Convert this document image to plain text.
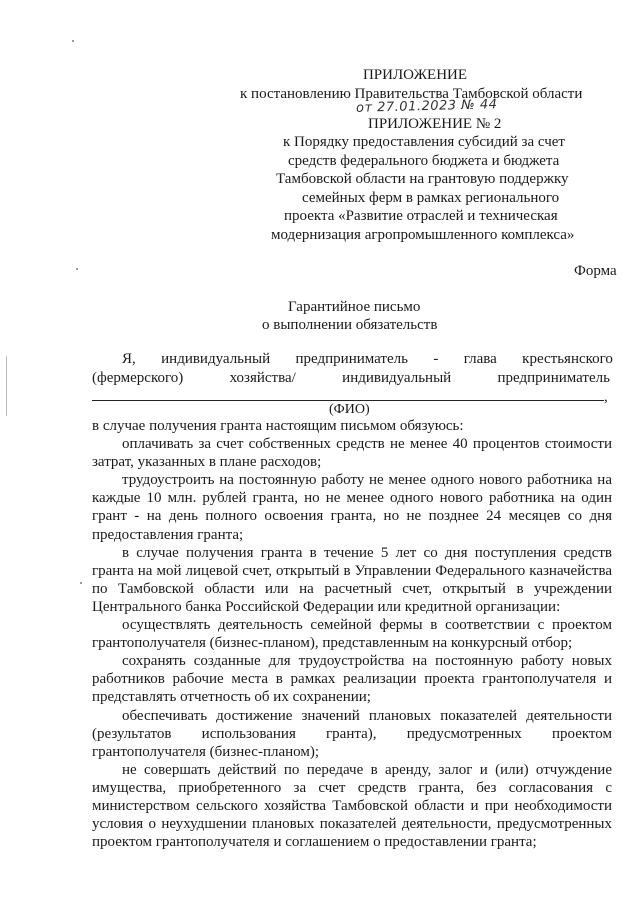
ПРИЛОЖЕНИЕ
к постановлению Правительства Тамбовской области
от 27.01.2023 № 44
ПРИЛОЖЕНИЕ № 2
к Порядку предоставления субсидий за счет
средств федерального бюджета и бюджета
Тамбовской области на грантовую поддержку
семейных ферм в рамках регионального
проекта «Развитие отраслей и техническая
модернизация агропромышленного комплекса»
Форма
Гарантийное письмо
о выполнении обязательств
Я, индивидуальный предприниматель - глава крестьянского
(фермерского)	хозяйства/	индивидуальный	предприниматель
,
(ФИО)
в случае получения гранта настоящим письмом обязуюсь:
оплачивать за счет собственных средств не менее 40 процентов стоимости
затрат, указанных в плане расходов;
трудоустроить на постоянную работу не менее одного нового работника на
каждые 10 млн. рублей гранта, но не менее одного нового работника на один
грант - на день полного освоения гранта, но не позднее 24 месяцев со дня
предоставления гранта;
в случае получения гранта в течение 5 лет со дня поступления средств
гранта на мой лицевой счет, открытый в Управлении Федерального казначейства
по Тамбовской области или на расчетный счет, открытый в учреждении
Центрального банка Российской Федерации или кредитной организации:
осуществлять деятельность семейной фермы в соответствии с проектом
грантополучателя (бизнес-планом), представленным на конкурсный отбор;
сохранять созданные для трудоустройства на постоянную работу новых
работников рабочие места в рамках реализации проекта грантополучателя и
представлять отчетность об их сохранении;
обеспечивать достижение значений плановых показателей деятельности
(результатов использования гранта), предусмотренных проектом
грантополучателя (бизнес-планом);
не совершать действий по передаче в аренду, залог и (или) отчуждение
имущества, приобретенного за счет средств гранта, без согласования с
министерством сельского хозяйства Тамбовской области и при необходимости
условия о неухудшении плановых показателей деятельности, предусмотренных
проектом грантополучателя и соглашением о предоставлении гранта;
